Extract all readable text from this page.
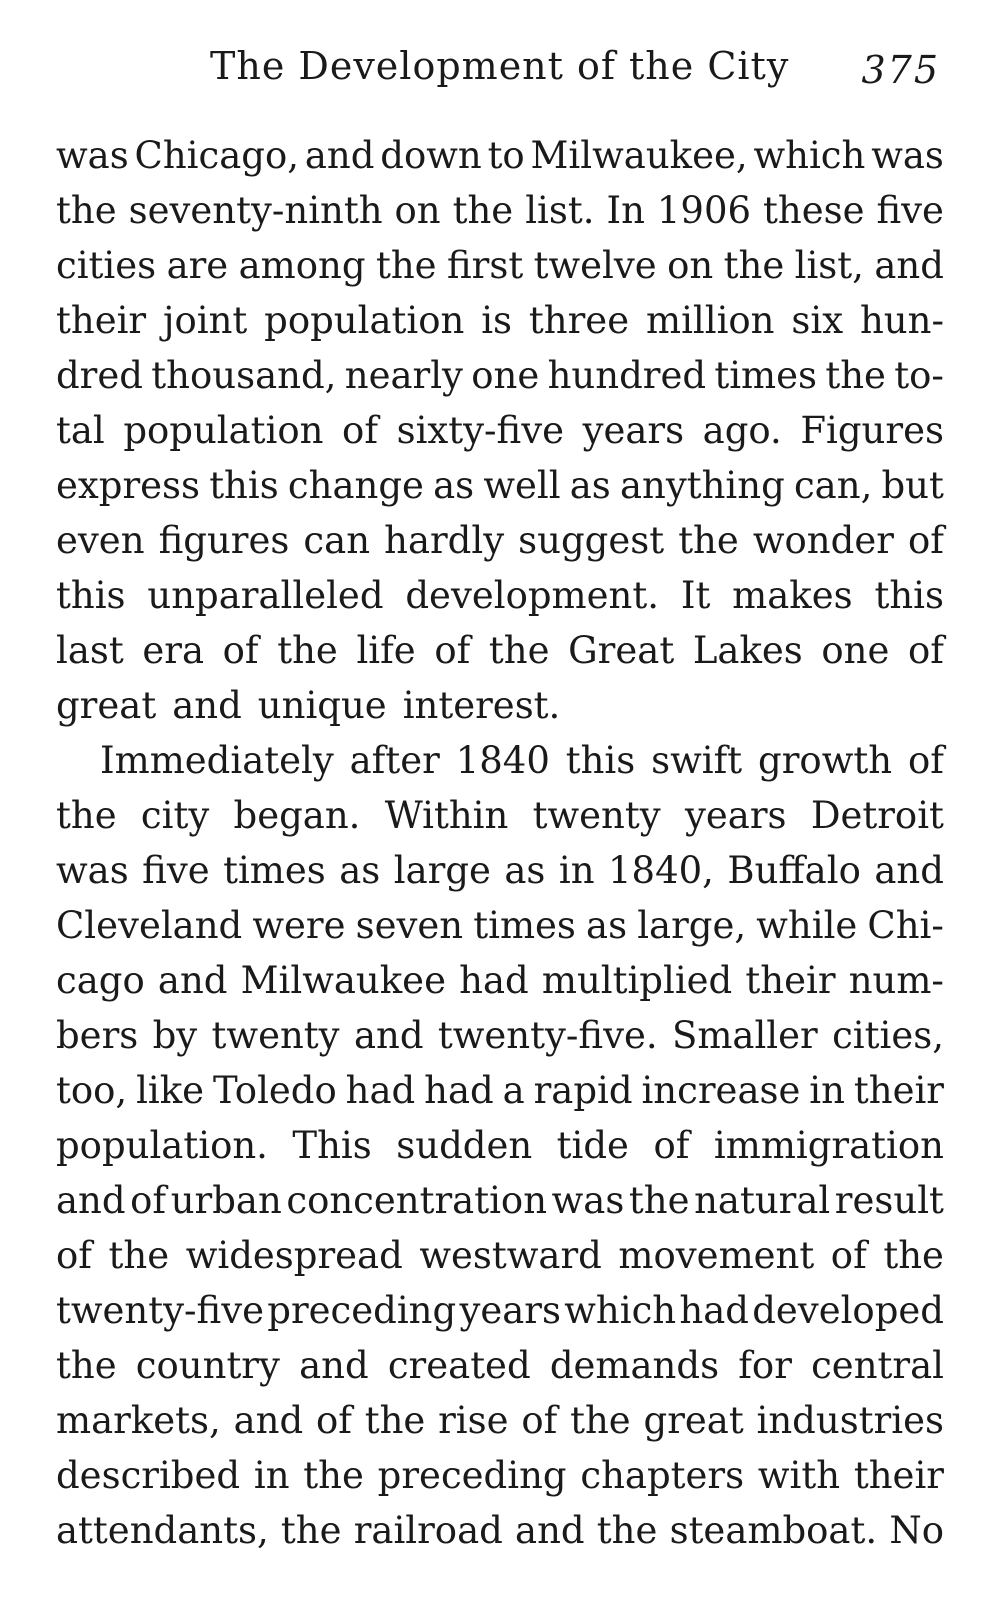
The Development of the City 375
was Chicago, and down to Milwaukee, which was
the seventy-ninth on the list. In 1906 these five
cities are among the first twelve on the list, and
their joint population is three million six hun-
dred thousand, nearly one hundred times the to-
tal population of sixty-five years ago. Figures
express this change as well as anything can, but
even figures can hardly suggest the wonder of
this unparalleled development. It makes this
last era of the life of the Great Lakes one of
great and unique interest.
Immediately after 1840 this swift growth of
the city began. Within twenty years Detroit
was five times as large as in 1840, Buffalo and
Cleveland were seven times as large, while Chi-
cago and Milwaukee had multiplied their num-
bers by twenty and twenty-five. Smaller cities,
too, like Toledo had had a rapid increase in their
population. This sudden tide of immigration
and of urban concentration was the natural result
of the widespread westward movement of the
twenty-five preceding years which had developed
the country and created demands for central
markets, and of the rise of the great industries
described in the preceding chapters with their
attendants, the railroad and the steamboat. No
